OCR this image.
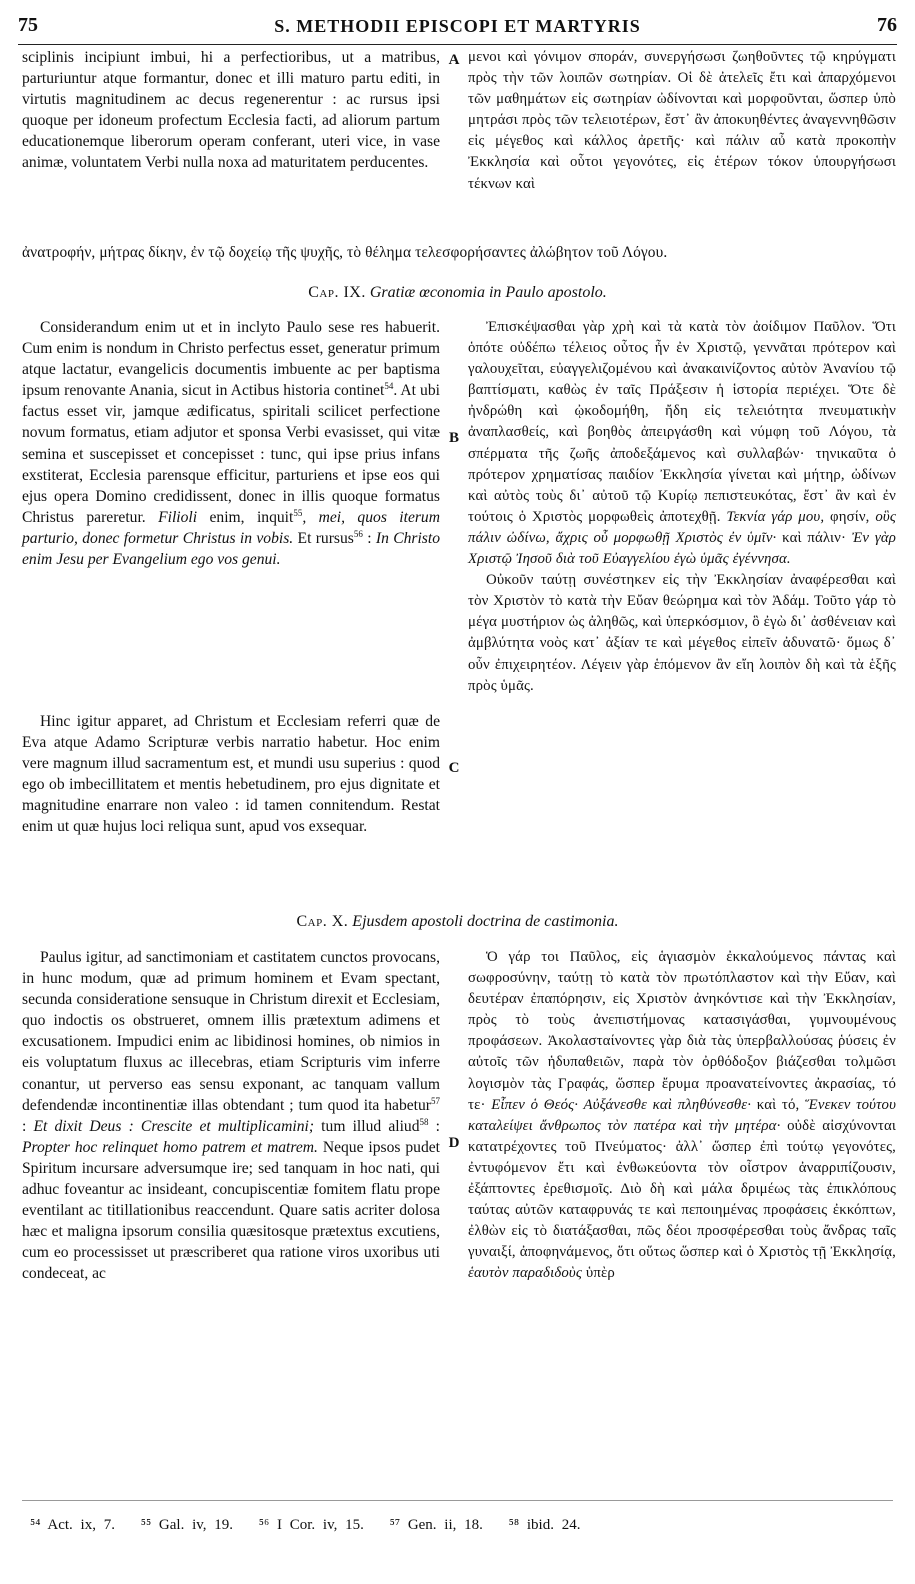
75	S. METHODII EPISCOPI ET MARTYRIS	76

sciplinis incipiunt imbui, hi a perfectioribus, ut a matribus, parturiuntur atque formantur, donec et illi maturo partu editi, in virtutis magnitudinem ac decus regenerentur : ac rursus ipsi quoque per idoneum profectum Ecclesia facti, ad aliorum partum educationemque liberorum operam conferant, uteri vice, in vase animæ, voluntatem Verbi nulla noxa ad maturitatem perducentes.

μενοι καὶ γόνιμον σποράν, συνεργήσωσι ζωηθοῦντες τῷ κηρύγματι πρὸς τὴν τῶν λοιπῶν σωτηρίαν. Οἱ δὲ ἀτελεῖς ἔτι καὶ ἀπαρχόμενοι τῶν μαθημάτων εἰς σωτηρίαν ὠδίνονται καὶ μορφοῦνται, ὥσπερ ὑπὸ μητράσι πρὸς τῶν τελειοτέρων, ἔστ᾽ ἂν ἀποκυηθέντες ἀναγεννηθῶσιν εἰς μέγεθος καὶ κάλλος ἀρετῆς· καὶ πάλιν αὖ κατὰ προκοπὴν Ἐκκλησία καὶ οὗτοι γεγονότες, εἰς ἑτέρων τόκον ὑπουργήσωσι τέκνων καὶ

A
ἀνατροφήν, μήτρας δίκην, ἐν τῷ δοχείῳ τῆς ψυχῆς, τὸ θέλημα τελεσφορήσαντες ἀλώβητον τοῦ Λόγου.
Cap. IX. Gratiæ œconomia in Paulo apostolo.

Considerandum enim ut et in inclyto Paulo sese res habuerit. Cum enim is nondum in Christo perfectus esset, generatur primum atque lactatur, evangelicis documentis imbuente ac per baptisma ipsum renovante Anania, sicut in Actibus historia continet$^{54}$. At ubi factus esset vir, jamque ædificatus, spiritali scilicet perfectione novum formatus, etiam adjutor et sponsa Verbi evasisset, qui vitæ semina et suscepisset et concepisset : tunc, qui ipse prius infans exstiterat, Ecclesia parensque efficitur, parturiens et ipse eos qui ejus opera Domino credidissent, donec in illis quoque formatus Christus pareretur. Filioli enim, inquit$^{55}$, mei, quos iterum parturio, donec formetur Christus in vobis. Et rursus$^{56}$ : In Christo enim Jesu per Evangelium ego vos genui.

Hinc igitur apparet, ad Christum et Ecclesiam referri quæ de Eva atque Adamo Scripturæ verbis narratio habetur. Hoc enim vere magnum illud sacramentum est, et mundi usu superius : quod ego ob imbecillitatem et mentis hebetudinem, pro ejus dignitate et magnitudine enarrare non valeo : id tamen connitendum. Restat enim ut quæ hujus loci reliqua sunt, apud vos exsequar.

Ἐπισκέψασθαι γὰρ χρὴ καὶ τὰ κατὰ τὸν ἀοίδιμον Παῦλον. Ὅτι ὁπότε οὐδέπω τέλειος οὗτος ἦν ἐν Χριστῷ, γεννᾶται πρότερον καὶ γαλουχεῖται, εὐαγγελιζομένου καὶ ἀνακαινίζοντος αὐτὸν Ἀνανίου τῷ βαπτίσματι, καθὼς ἐν ταῖς Πράξεσιν ἡ ἱστορία περιέχει. Ὅτε δὲ ἠνδρώθη καὶ ᾠκοδομήθη, ἤδη εἰς τελειότητα πνευματικὴν ἀναπλασθείς, καὶ βοηθὸς ἀπειργάσθη καὶ νύμφη τοῦ Λόγου, τὰ σπέρματα τῆς ζωῆς ἀποδεξάμενος καὶ συλλαβών· τηνικαῦτα ὁ πρότερον χρηματίσας παιδίον Ἐκκλησία γίνεται καὶ μήτηρ, ὠδίνων καὶ αὐτὸς τοὺς δι᾽ αὐτοῦ τῷ Κυρίῳ πεπιστευκότας, ἔστ᾽ ἂν καὶ ἐν τούτοις ὁ Χριστὸς μορφωθεὶς ἀποτεχθῇ. Τεκνία γάρ μου, φησίν, οὓς πάλιν ὠδίνω, ἄχρις οὗ μορφωθῇ Χριστὸς ἐν ὑμῖν· καὶ πάλιν· Ἐν γὰρ Χριστῷ Ἰησοῦ διὰ τοῦ Εὐαγγελίου ἐγὼ ὑμᾶς ἐγέννησα.

Οὐκοῦν ταύτῃ συνέστηκεν εἰς τὴν Ἐκκλησίαν ἀναφέρεσθαι καὶ τὸν Χριστὸν τὸ κατὰ τὴν Εὔαν θεώρημα καὶ τὸν Ἀδάμ. Τοῦτο γάρ τὸ μέγα μυστήριον ὡς ἀληθῶς, καὶ ὑπερκόσμιον, ὃ ἐγὼ δι᾽ ἀσθένειαν καὶ ἀμβλύτητα νοὸς κατ᾽ ἀξίαν τε καὶ μέγεθος εἰπεῖν ἀδυνατῶ· ὅμως δ᾽ οὖν ἐπιχειρητέον. Λέγειν γὰρ ἑπόμενον ἂν εἴη λοιπὸν δὴ καὶ τὰ ἑξῆς πρὸς ὑμᾶς.

B
C
Cap. X. Ejusdem apostoli doctrina de castimonia.

Paulus igitur, ad sanctimoniam et castitatem cunctos provocans, in hunc modum, quæ ad primum hominem et Evam spectant, secunda consideratione sensuque in Christum direxit et Ecclesiam, quo indoctis os obstrueret, omnem illis prætextum adimens et excusationem. Impudici enim ac libidinosi homines, ob nimios in eis voluptatum fluxus ac illecebras, etiam Scripturis vim inferre conantur, ut perverso eas sensu exponant, ac tanquam vallum defendendæ incontinentiæ illas obtendant ; tum quod ita habetur$^{57}$ : Et dixit Deus : Crescite et multiplicamini; tum illud aliud$^{58}$ : Propter hoc relinquet homo patrem et matrem. Neque ipsos pudet Spiritum incursare adversumque ire; sed tanquam in hoc nati, qui adhuc foveantur ac insideant, concupiscentiæ fomitem flatu prope eventilant ac titillationibus reaccendunt. Quare satis acriter dolosa hæc et maligna ipsorum consilia quæsitosque prætextus excutiens, cum eo processisset ut præscriberet qua ratione viros uxoribus uti condeceat, ac

Ὁ γάρ τοι Παῦλος, εἰς ἁγιασμὸν ἐκκαλούμενος πάντας καὶ σωφροσύνην, ταύτῃ τὸ κατὰ τὸν πρωτόπλαστον καὶ τὴν Εὔαν, καὶ δευτέραν ἐπαπόρησιν, εἰς Χριστὸν ἀνηκόντισε καὶ τὴν Ἐκκλησίαν, πρὸς τὸ τοὺς ἀνεπιστήμονας κατασιγάσθαι, γυμνουμένους προφάσεων. Ἀκολασταίνοντες γὰρ διὰ τὰς ὑπερβαλλούσας ῥύσεις ἐν αὐτοῖς τῶν ἡδυπαθειῶν, παρὰ τὸν ὀρθόδοξον βιάζεσθαι τολμῶσι λογισμὸν τὰς Γραφάς, ὥσπερ ἔρυμα προανατείνοντες ἀκρασίας, τό τε· Εἶπεν ὁ Θεός· Αὐξάνεσθε καὶ πληθύνεσθε· καὶ τό, Ἕνεκεν τούτου καταλείψει ἄνθρωπος τὸν πατέρα καὶ τὴν μητέρα· οὐδὲ αἰσχύνονται κατατρέχοντες τοῦ Πνεύματος· ἀλλ᾽ ὥσπερ ἐπὶ τούτῳ γεγονότες, ἐντυφόμενον ἔτι καὶ ἐνθωκεύοντα τὸν οἶστρον ἀναρριπίζουσιν, ἐξάπτοντες ἐρεθισμοῖς. Διὸ δὴ καὶ μάλα δριμέως τὰς ἐπικλόπους ταύτας αὐτῶν καταφρυνάς τε καὶ πεποιημένας προφάσεις ἐκκόπτων, ἐλθὼν εἰς τὸ διατάξασθαι, πῶς δέοι προσφέρεσθαι τοὺς ἄνδρας ταῖς γυναιξί, ἀποφηνάμενος, ὅτι οὕτως ὥσπερ καὶ ὁ Χριστὸς τῇ Ἐκκλησίᾳ, ἑαυτὸν παραδιδοὺς ὑπὲρ

D
⁵⁴ Act. ix, 7. ⁵⁵ Gal. iv, 19. ⁵⁶ I Cor. iv, 15. ⁵⁷ Gen. ii, 18. ⁵⁸ ibid. 24.
